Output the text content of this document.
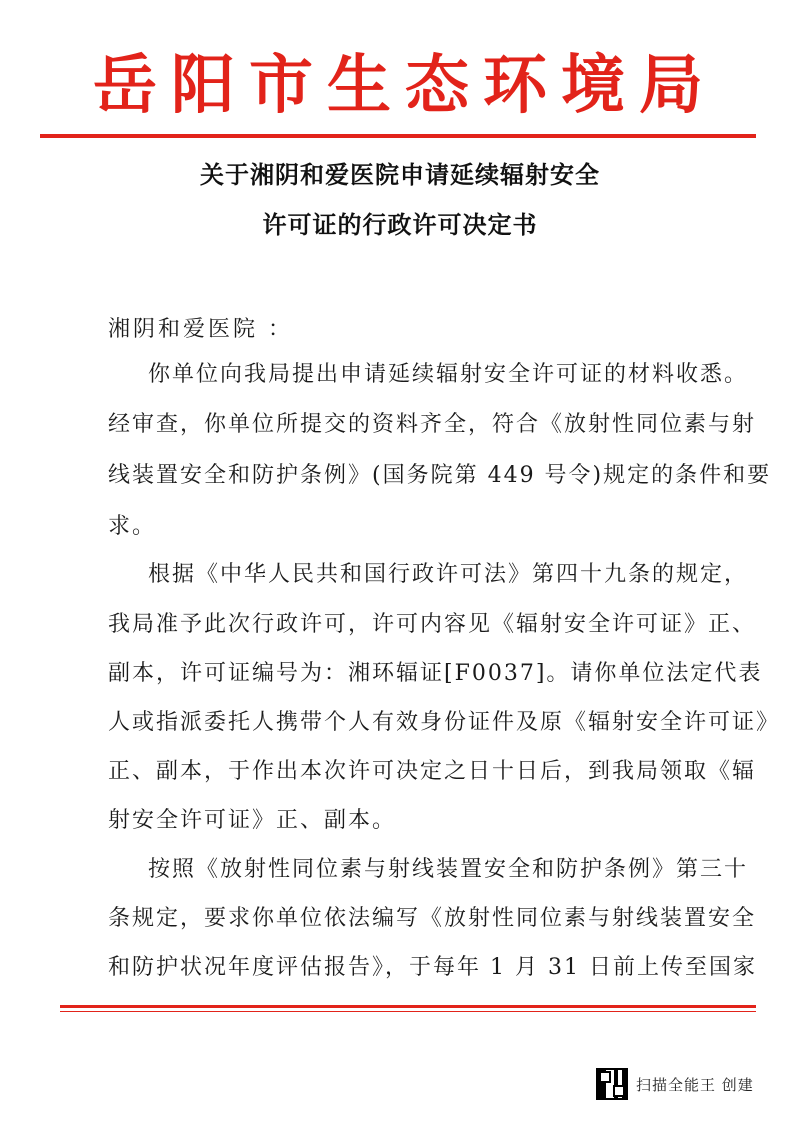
岳阳市生态环境局
关于湘阴和爱医院申请延续辐射安全
许可证的行政许可决定书
湘阴和爱医院 ：
你单位向我局提出申请延续辐射安全许可证的材料收悉。
经审查，你单位所提交的资料齐全，符合《放射性同位素与射
线装置安全和防护条例》(国务院第 449 号令)规定的条件和要
求。
根据《中华人民共和国行政许可法》第四十九条的规定，
我局准予此次行政许可，许可内容见《辐射安全许可证》正、
副本，许可证编号为：湘环辐证[F0037]。请你单位法定代表
人或指派委托人携带个人有效身份证件及原《辐射安全许可证》
正、副本，于作出本次许可决定之日十日后，到我局领取《辐
射安全许可证》正、副本。
按照《放射性同位素与射线装置安全和防护条例》第三十
条规定，要求你单位依法编写《放射性同位素与射线装置安全
和防护状况年度评估报告》，于每年 1 月 31 日前上传至国家
扫描全能王 创建
